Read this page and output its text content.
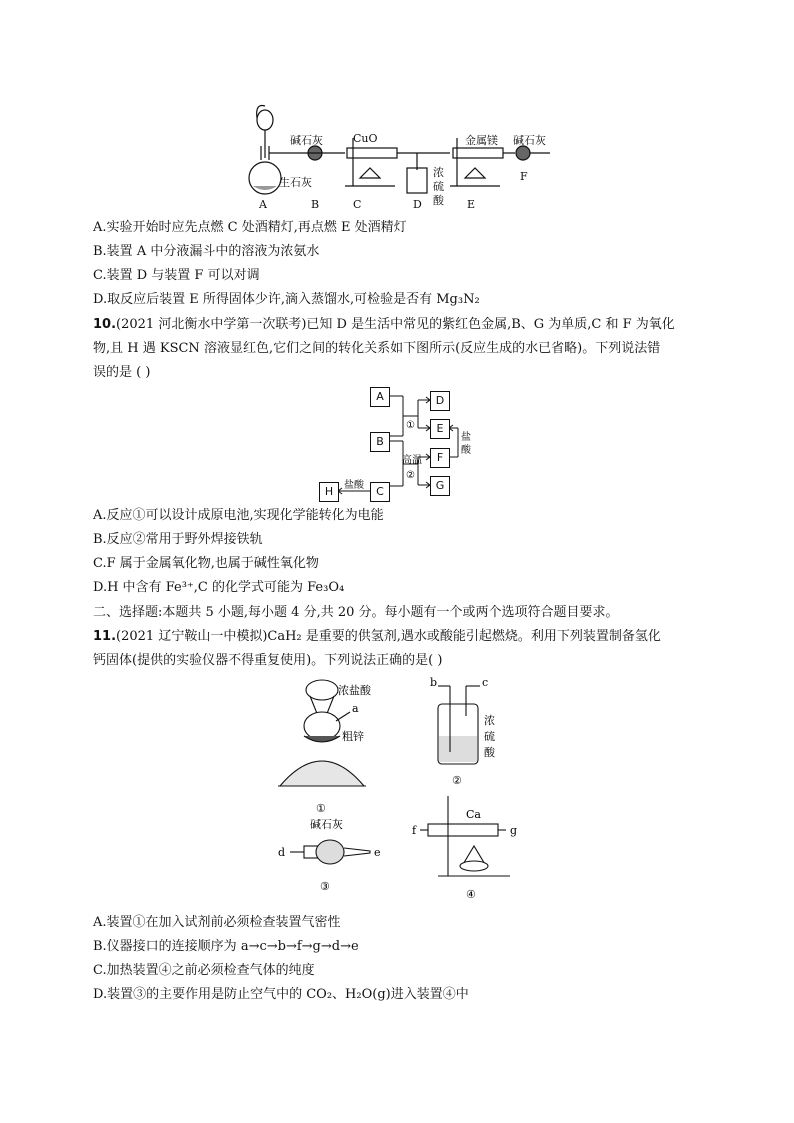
碱石灰	CuO	金属镁 碱石灰
生石灰
浓
硫
酸
A	B	C	D	E
F
A.实验开始时应先点燃 C 处酒精灯,再点燃 E 处酒精灯
B.装置 A 中分液漏斗中的溶液为浓氨水
C.装置 D 与装置 F 可以对调
D.取反应后装置 E 所得固体少许,滴入蒸馏水,可检验是否有 Mg₃N₂
10.(2021 河北衡水中学第一次联考)已知 D 是生活中常见的紫红色金属,B、G 为单质,C 和 F 为氧化
物,且 H 遇 KSCN 溶液显红色,它们之间的转化关系如下图所示(反应生成的水已省略)。下列说法错
误的是 ( )
①
高温
②
盐
酸
盐酸
A
B
C
D
E
F
G
H
A.反应①可以设计成原电池,实现化学能转化为电能
B.反应②常用于野外焊接铁轨
C.F 属于金属氧化物,也属于碱性氧化物
D.H 中含有 Fe³⁺,C 的化学式可能为 Fe₃O₄
二、选择题:本题共 5 小题,每小题 4 分,共 20 分。每小题有一个或两个选项符合题目要求。
11.(2021 辽宁鞍山一中模拟)CaH₂ 是重要的供氢剂,遇水或酸能引起燃烧。利用下列装置制备氢化
钙固体(提供的实验仪器不得重复使用)。下列说法正确的是( )
浓盐酸
a
粗锌
b	c
浓
硫
酸
碱石灰
d	e
Ca
f	g
①
②
③
④
A.装置①在加入试剂前必须检查装置气密性
B.仪器接口的连接顺序为 a→c→b→f→g→d→e
C.加热装置④之前必须检查气体的纯度
D.装置③的主要作用是防止空气中的 CO₂、H₂O(g)进入装置④中
